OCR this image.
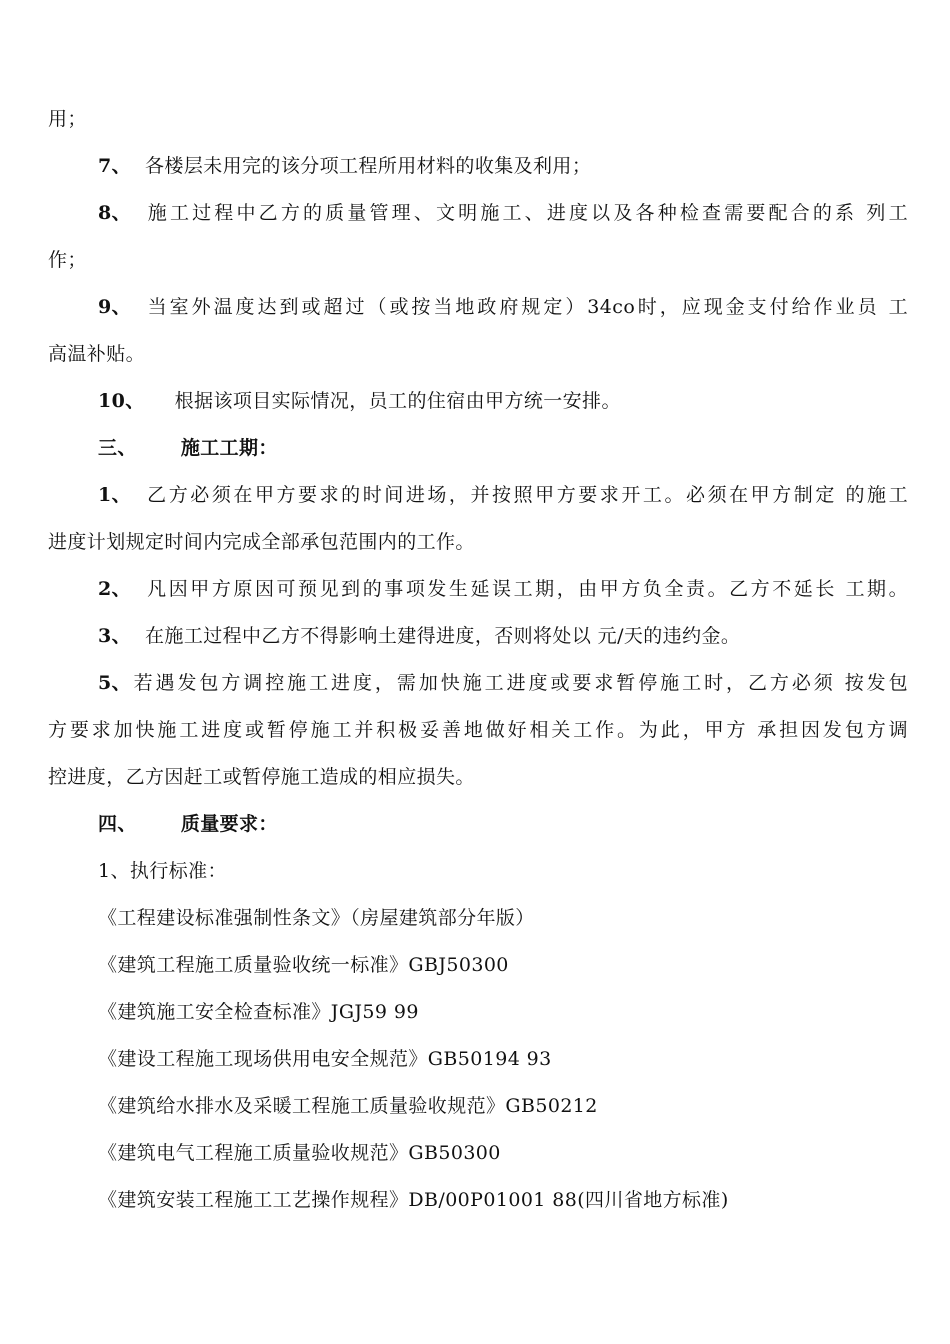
用；
7、 各楼层未用完的该分项工程所用材料的收集及利用；
8、 施工过程中乙方的质量管理、文明施工、进度以及各种检查需要配合的系 列工
作；
9、 当室外温度达到或超过（或按当地政府规定）34co时，应现金支付给作业员 工
高温补贴。
10、 根据该项目实际情况，员工的住宿由甲方统一安排。
三、 施工工期：
1、 乙方必须在甲方要求的时间进场，并按照甲方要求开工。必须在甲方制定 的施工
进度计划规定时间内完成全部承包范围内的工作。
2、 凡因甲方原因可预见到的事项发生延误工期，由甲方负全责。乙方不延长 工期。
3、 在施工过程中乙方不得影响土建得进度，否则将处以 元/天的违约金。
5、若遇发包方调控施工进度，需加快施工进度或要求暂停施工时，乙方必须 按发包
方要求加快施工进度或暂停施工并积极妥善地做好相关工作。为此，甲方 承担因发包方调
控进度，乙方因赶工或暂停施工造成的相应损失。
四、 质量要求：
1、执行标准：
《工程建设标准强制性条文》（房屋建筑部分年版）
《建筑工程施工质量验收统一标准》GBJ50300
《建筑施工安全检查标准》JGJ59 99
《建设工程施工现场供用电安全规范》GB50194 93
《建筑给水排水及采暖工程施工质量验收规范》GB50212
《建筑电气工程施工质量验收规范》GB50300
《建筑安装工程施工工艺操作规程》DB/00P01001 88(四川省地方标准)
